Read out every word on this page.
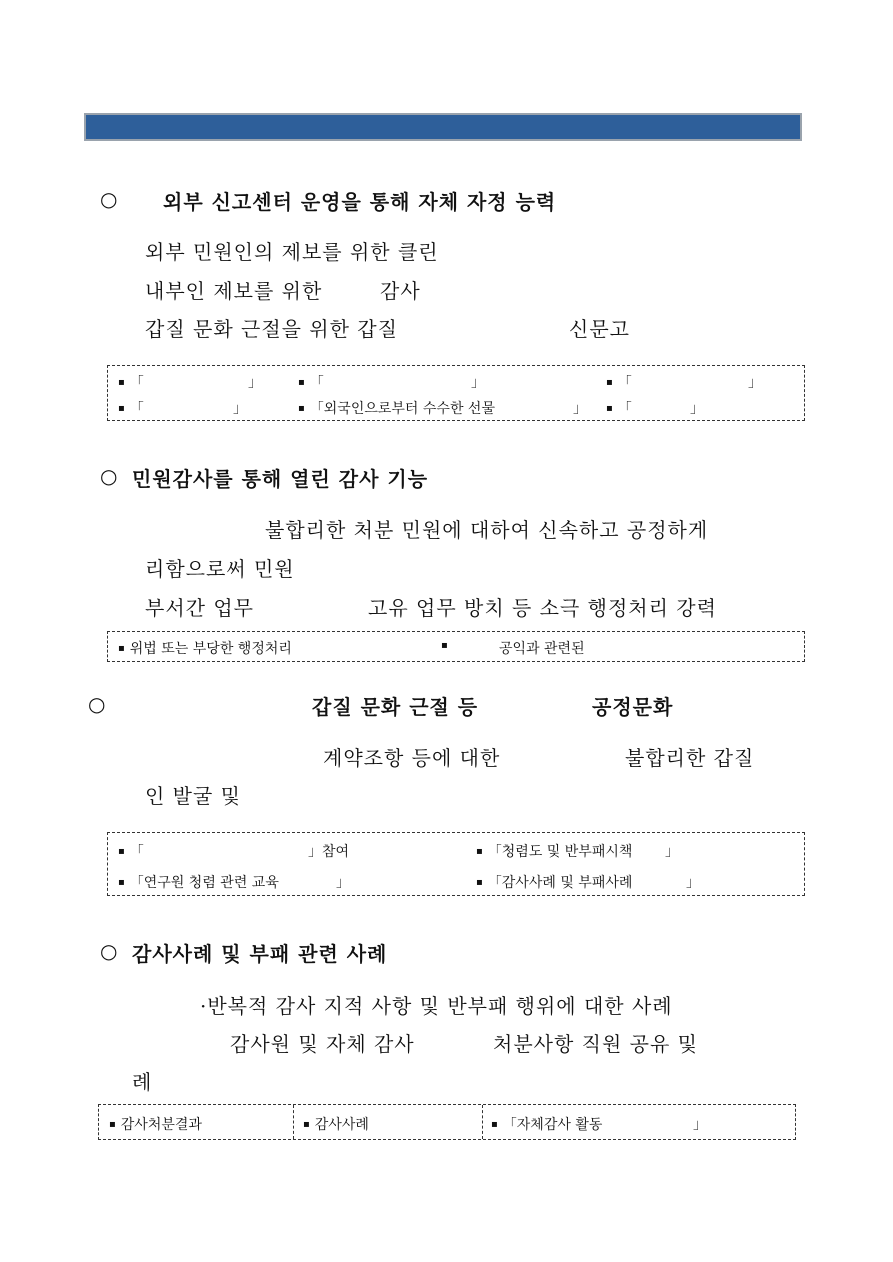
○ 외부 신고센터 운영을 통해 자체 자정 능력
외부 민원인의 제보를 위한 클린
내부인 제보를 위한	감사
갑질 문화 근절을 위한 갑질	신문고
▪ 「	」	▪ 「	」	▪ 「	」
▪ 「	」	▪ 「외국인으로부터 수수한 선물	」 ▪ 「	」
○ 민원감사를 통해 열린 감사 기능
불합리한 처분 민원에 대하여 신속하고 공정하게
리함으로써 민원
부서간 업무	고유 업무 방치 등 소극 행정처리 강력
▪ 위법 또는 부당한 행정처리	▪	공익과 관련된
○	갑질 문화 근절 등	공정문화
계약조항 등에 대한	불합리한 갑질
인 발굴 및
▪ 「	」참여	▪ 「청렴도 및 반부패시책 」
▪ 「연구원 청렴 관련 교육	」	▪ 「감사사례 및 부패사례	」
○ 감사사례 및 부패 관련 사례
·반복적 감사 지적 사항 및 반부패 행위에 대한 사례
감사원 및 자체 감사	처분사항 직원 공유 및
례
▪ 감사처분결과	▪ 감사사례	▪ 「자체감사 활동	」
